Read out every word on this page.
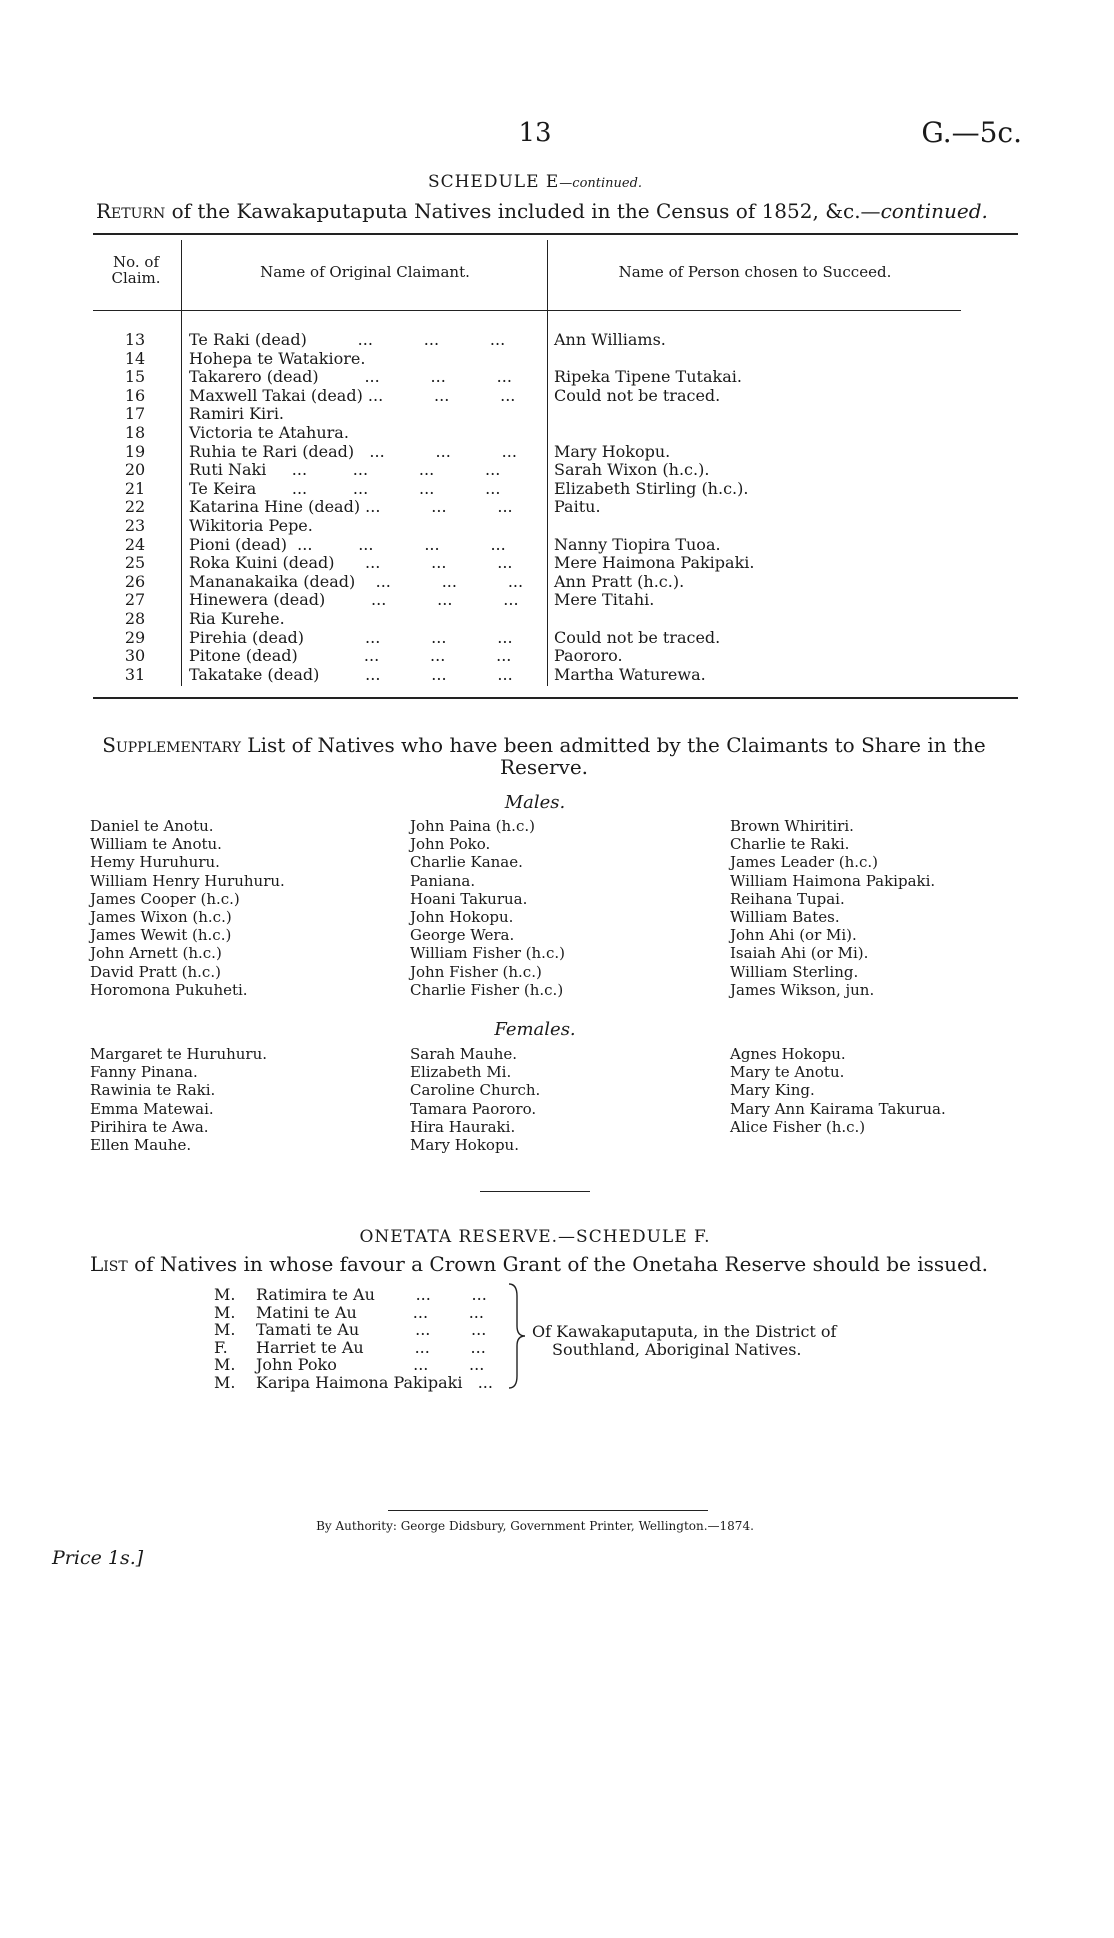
13	G.—5c.
SCHEDULE E—continued.
Return of the Kawakaputaputa Natives included in the Census of 1852, &c.—continued.
No. of Claim.	Name of Original Claimant.	Name of Person chosen to Succeed.
13	Te Raki (dead)          ...          ...          ...	Ann Williams.
14	Hohepa te Watakiore.
15	Takarero (dead)         ...          ...          ...	Ripeka Tipene Tutakai.
16	Maxwell Takai (dead) ...          ...          ...	Could not be traced.
17	Ramiri Kiri.
18	Victoria te Atahura.
19	Ruhia te Rari (dead)   ...          ...          ...	Mary Hokopu.
20	Ruti Naki     ...         ...          ...          ...	Sarah Wixon (h.c.).
21	Te Keira       ...         ...          ...          ...	Elizabeth Stirling (h.c.).
22	Katarina Hine (dead) ...          ...          ...	Paitu.
23	Wikitoria Pepe.
24	Pioni (dead)  ...         ...          ...          ...	Nanny Tiopira Tuoa.
25	Roka Kuini (dead)      ...          ...          ...	Mere Haimona Pakipaki.
26	Mananakaika (dead)    ...          ...          ...	Ann Pratt (h.c.).
27	Hinewera (dead)         ...          ...          ...	Mere Titahi.
28	Ria Kurehe.
29	Pirehia (dead)            ...          ...          ...	Could not be traced.
30	Pitone (dead)             ...          ...          ...	Paororo.
31	Takatake (dead)         ...          ...          ...	Martha Waturewa.
Supplementary List of Natives who have been admitted by the Claimants to Share in the
Reserve.
Males.
Daniel te Anotu.
William te Anotu.
Hemy Huruhuru.
William Henry Huruhuru.
James Cooper (h.c.)
James Wixon (h.c.)
James Wewit (h.c.)
John Arnett (h.c.)
David Pratt (h.c.)
Horomona Pukuheti.
John Paina (h.c.)
John Poko.
Charlie Kanae.
Paniana.
Hoani Takurua.
John Hokopu.
George Wera.
William Fisher (h.c.)
John Fisher (h.c.)
Charlie Fisher (h.c.)
Brown Whiritiri.
Charlie te Raki.
James Leader (h.c.)
William Haimona Pakipaki.
Reihana Tupai.
William Bates.
John Ahi (or Mi).
Isaiah Ahi (or Mi).
William Sterling.
James Wikson, jun.
Females.
Margaret te Huruhuru.
Fanny Pinana.
Rawinia te Raki.
Emma Matewai.
Pirihira te Awa.
Ellen Mauhe.
Sarah Mauhe.
Elizabeth Mi.
Caroline Church.
Tamara Paororo.
Hira Hauraki.
Mary Hokopu.
Agnes Hokopu.
Mary te Anotu.
Mary King.
Mary Ann Kairama Takurua.
Alice Fisher (h.c.)
ONETATA RESERVE.—SCHEDULE F.
List of Natives in whose favour a Crown Grant of the Onetaha Reserve should be issued.
M. Ratimira te Au        ...        ...
M. Matini te Au           ...        ...
M. Tamati te Au           ...        ...
F. Harriet te Au          ...        ...
M. John Poko               ...        ...
M. Karipa Haimona Pakipaki   ...
Of Kawakaputaputa, in the District of
Southland, Aboriginal Natives.
By Authority: George Didsbury, Government Printer, Wellington.—1874.
Price 1s.]
